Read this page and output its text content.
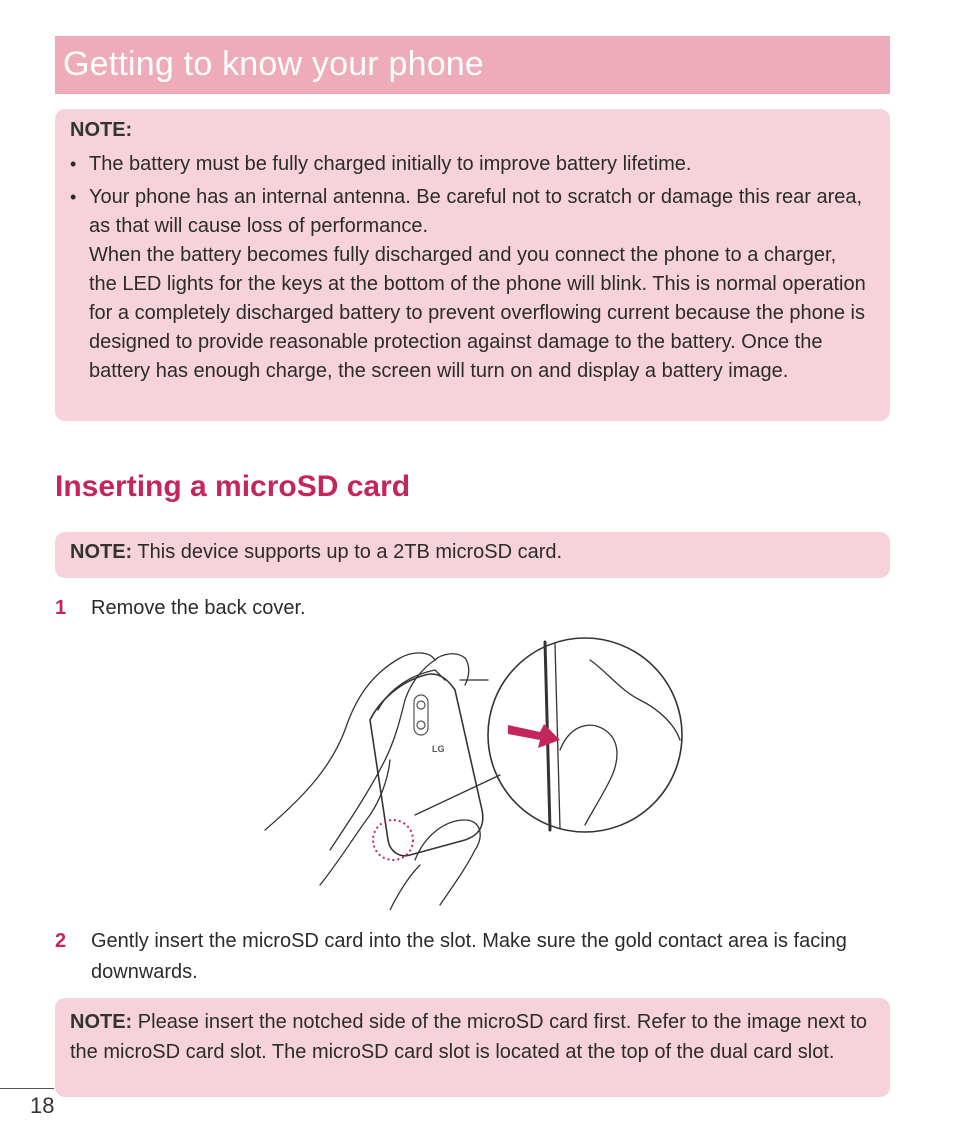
Getting to know your phone
NOTE:
• The battery must be fully charged initially to improve battery lifetime.
• Your phone has an internal antenna. Be careful not to scratch or damage this rear area, as that will cause loss of performance.
When the battery becomes fully discharged and you connect the phone to a charger, the LED lights for the keys at the bottom of the phone will blink. This is normal operation for a completely discharged battery to prevent overflowing current because the phone is designed to provide reasonable protection against damage to the battery. Once the battery has enough charge, the screen will turn on and display a battery image.
Inserting a microSD card
NOTE: This device supports up to a 2TB microSD card.
1 Remove the back cover.
LG
2 Gently insert the microSD card into the slot. Make sure the gold contact area is facing downwards.
NOTE: Please insert the notched side of the microSD card first. Refer to the image next to the microSD card slot. The microSD card slot is located at the top of the dual card slot.
18
